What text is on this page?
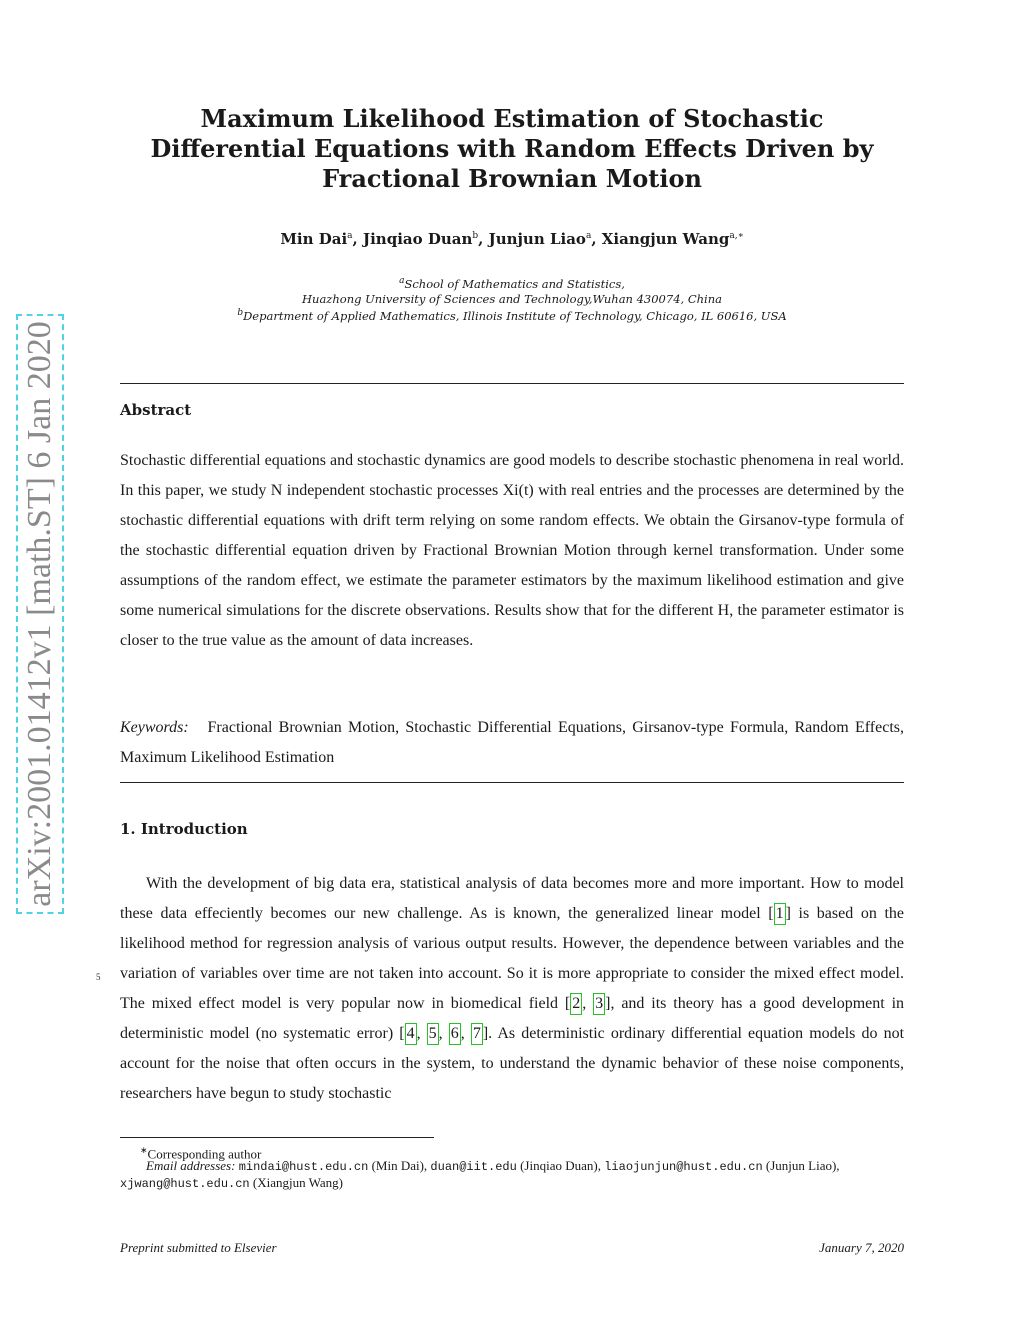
arXiv:2001.01412v1 [math.ST] 6 Jan 2020
Maximum Likelihood Estimation of Stochastic Differential Equations with Random Effects Driven by Fractional Brownian Motion
Min Dai$^a$, Jinqiao Duan$^b$, Junjun Liao$^a$, Xiangjun Wang$^{a,∗}$
$^a$School of Mathematics and Statistics,
Huazhong University of Sciences and Technology,Wuhan 430074, China
$^b$Department of Applied Mathematics, Illinois Institute of Technology, Chicago, IL 60616, USA
Abstract

Stochastic differential equations and stochastic dynamics are good models to describe stochastic phenomena in real world. In this paper, we study N independent stochastic processes Xi(t) with real entries and the processes are determined by the stochastic differential equations with drift term relying on some random effects. We obtain the Girsanov-type formula of the stochastic differential equation driven by Fractional Brownian Motion through kernel transformation. Under some assumptions of the random effect, we estimate the parameter estimators by the maximum likelihood estimation and give some numerical simulations for the discrete observations. Results show that for the different H, the parameter estimator is closer to the true value as the amount of data increases.

Keywords: Fractional Brownian Motion, Stochastic Differential Equations, Girsanov-type Formula, Random Effects, Maximum Likelihood Estimation

1. Introduction
5

With the development of big data era, statistical analysis of data becomes more and more important. How to model these data effeciently becomes our new challenge. As is known, the generalized linear model [ 1 ] is based on the likelihood method for regression analysis of various output results. However, the dependence between variables and the variation of variables over time are not taken into account. So it is more appropriate to consider the mixed effect model. The mixed effect model is very popular now in biomedical field [ 2 , 3 ], and its theory has a good development in deterministic model (no systematic error) [ 4 , 5 , 6 , 7 ]. As deterministic ordinary differential equation models do not account for the noise that often occurs in the system, to understand the dynamic behavior of these noise components, researchers have begun to study stochastic

∗Corresponding author

Email addresses: mindai@hust.edu.cn (Min Dai), duan@iit.edu (Jinqiao Duan), liaojunjun@hust.edu.cn (Junjun Liao), xjwang@hust.edu.cn (Xiangjun Wang)

Preprint submitted to Elsevier	January 7, 2020
